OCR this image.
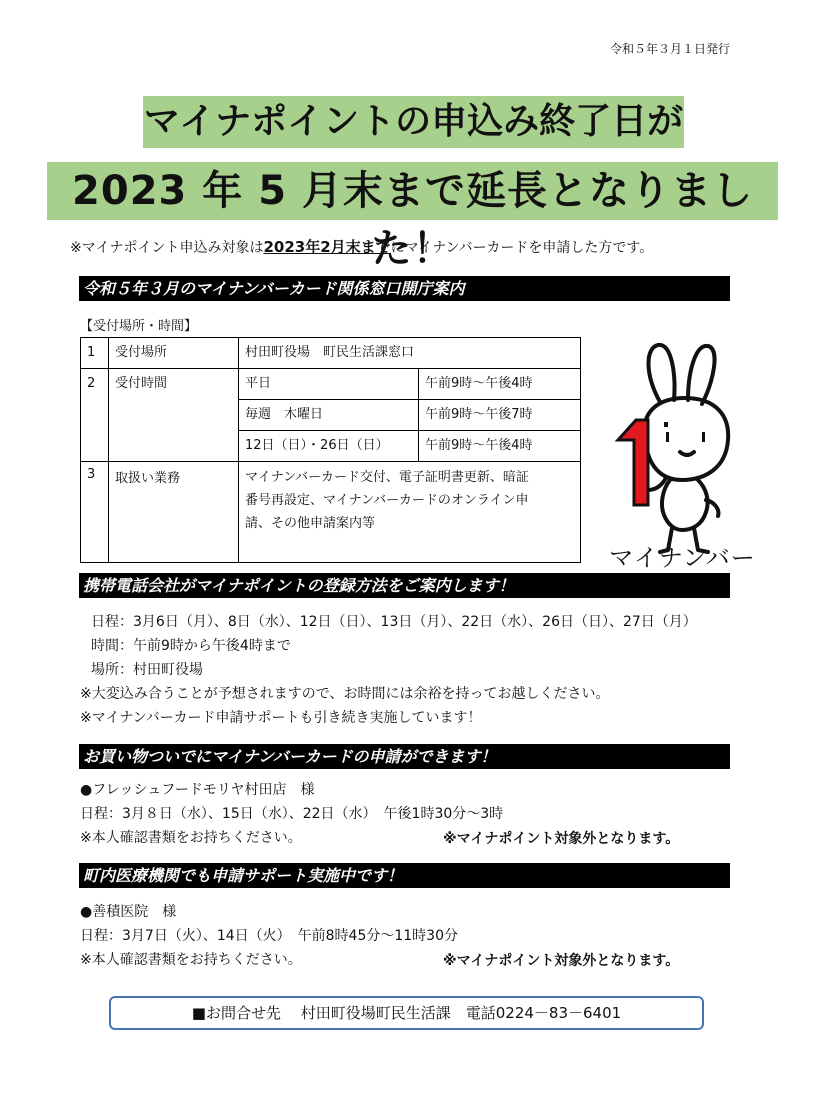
令和５年３月１日発行
マイナポイントの申込み終了日が
2023 年 5 月末まで延長となりました！
※マイナポイント申込み対象は2023年2月末までにマイナンバーカードを申請した方です。
令和５年３月のマイナンバーカード関係窓口開庁案内
【受付場所・時間】
1	受付場所	村田町役場　町民生活課窓口	
2	受付時間	平日	午前9時～午後4時
		毎週　木曜日	午前9時～午後7時
		12日（日）・26日（日）	午前9時～午後4時
3	取扱い業務	マイナンバーカード交付、電子証明書更新、暗証
番号再設定、マイナンバーカードのオンライン申
請、その他申請案内等	
マイナンバー
携帯電話会社がマイナポイントの登録方法をご案内します！
日程：3月6日（月）、8日（水）、12日（日）、13日（月）、22日（水）、26日（日）、27日（月）
時間：午前9時から午後4時まで
場所：村田町役場
※大変込み合うことが予想されますので、お時間には余裕を持ってお越しください。
※マイナンバーカード申請サポートも引き続き実施しています！
お買い物ついでにマイナンバーカードの申請ができます！
●フレッシュフードモリヤ村田店　様
日程：3月８日（水）、15日（水）、22日（水）　午後1時30分～3時
※本人確認書類をお持ちください。	※マイナポイント対象外となります。
町内医療機関でも申請サポート実施中です！
●善積医院　様
日程：3月7日（火）、14日（火）　午前8時45分～11時30分
※本人確認書類をお持ちください。	※マイナポイント対象外となります。
■お問合せ先　 村田町役場町民生活課　電話0224－83－6401
